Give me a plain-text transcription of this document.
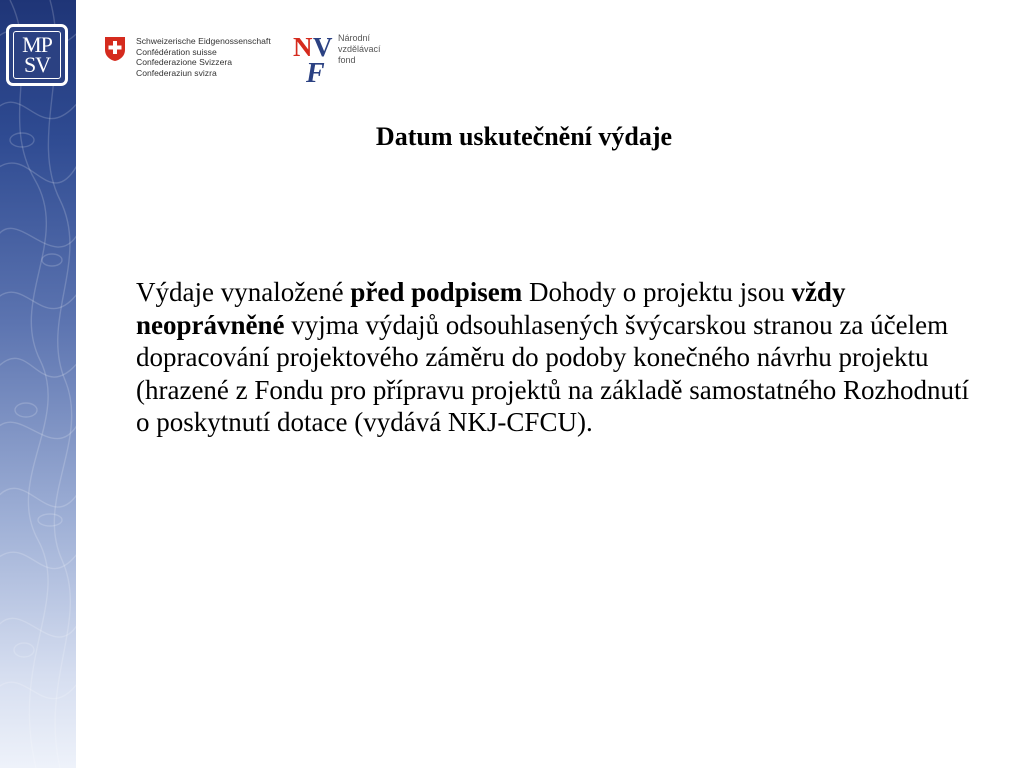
MP
SV
Schweizerische Eidgenossenschaft
Confédération suisse
Confederazione Svizzera
Confederaziun svizra
N V
F
Národní
vzdělávací
fond
Datum uskutečnění výdaje

Výdaje vynaložené před podpisem Dohody o projektu jsou vždy neoprávněné vyjma výdajů odsouhlasených švýcarskou stranou za účelem dopracování projektového záměru do podoby konečného návrhu projektu (hrazené z Fondu pro přípravu projektů na základě samostatného Rozhodnutí o poskytnutí dotace (vydává NKJ-CFCU).
